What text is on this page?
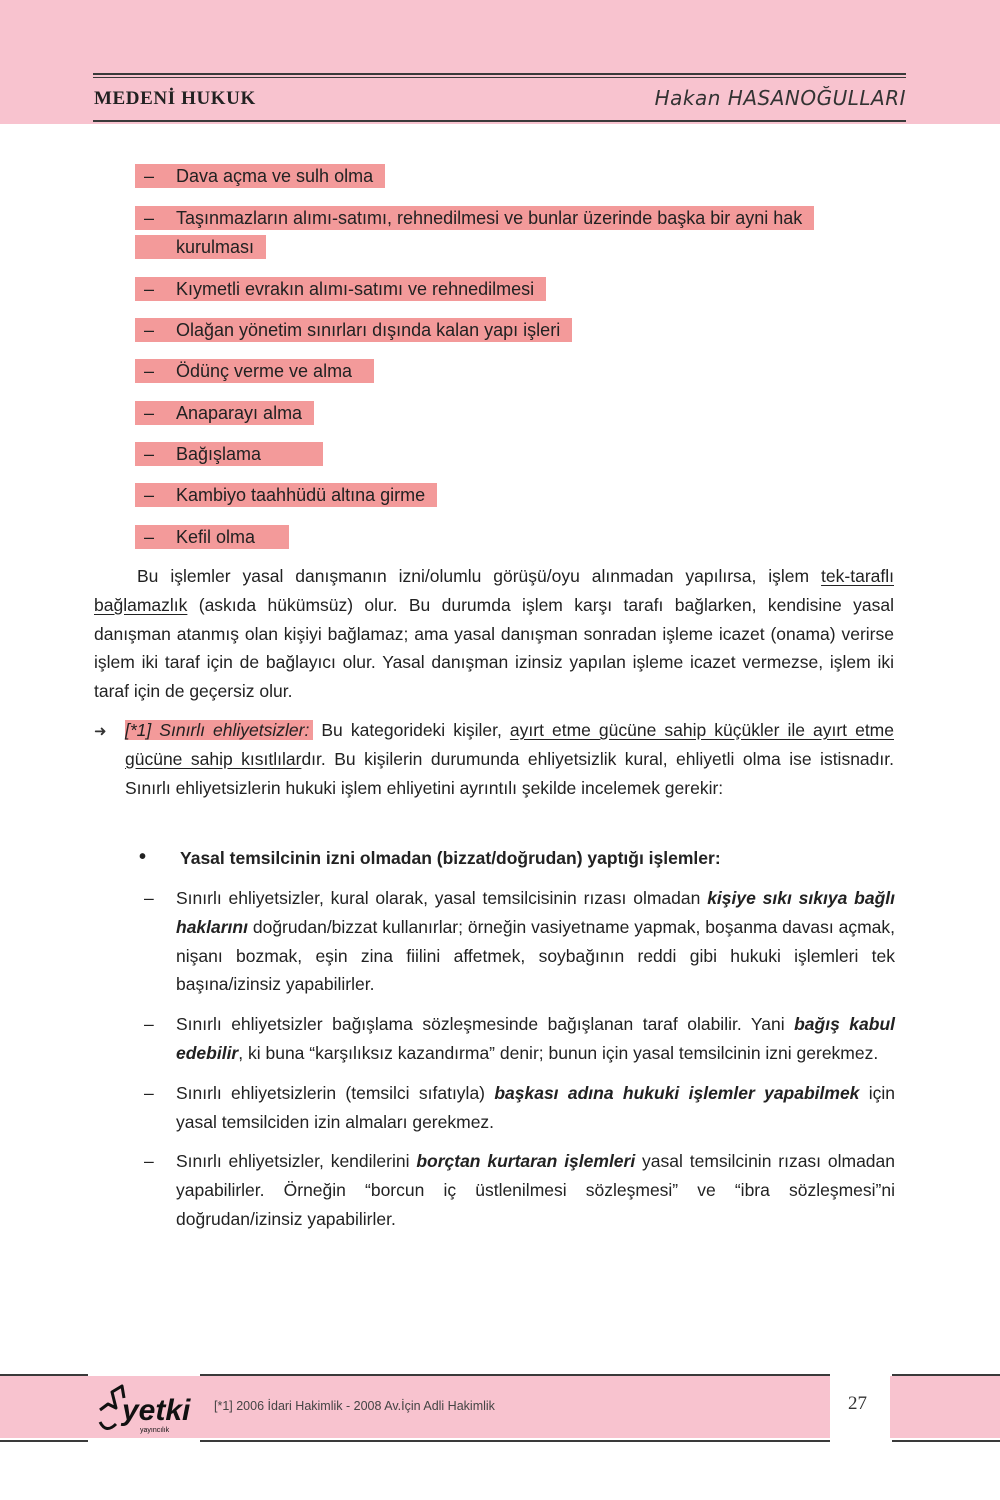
MEDENİ HUKUK	Hakan HASANOĞULLARI
– Dava açma ve sulh olma
– Taşınmazların alımı-satımı, rehnedilmesi ve bunlar üzerinde başka bir ayni hak
kurulması
– Kıymetli evrakın alımı-satımı ve rehnedilmesi
– Olağan yönetim sınırları dışında kalan yapı işleri
– Ödünç verme ve alma
– Anaparayı alma
– Bağışlama
– Kambiyo taahhüdü altına girme
– Kefil olma
Bu işlemler yasal danışmanın izni/olumlu görüşü/oyu alınmadan yapılırsa, işlem tek-taraflı bağlamazlık (askıda hükümsüz) olur. Bu durumda işlem karşı tarafı bağlarken, kendisine yasal danışman atanmış olan kişiyi bağlamaz; ama yasal danışman sonradan işleme icazet (onama) verirse işlem iki taraf için de bağlayıcı olur. Yasal danışman izinsiz yapılan işleme icazet vermezse, işlem iki taraf için de geçersiz olur.
➜ [*1] Sınırlı ehliyetsizler: Bu kategorideki kişiler, ayırt etme gücüne sahip küçükler ile ayırt etme gücüne sahip kısıtlılardır. Bu kişilerin durumunda ehliyetsizlik kural, ehliyetli olma ise istisnadır. Sınırlı ehliyetsizlerin hukuki işlem ehliyetini ayrıntılı şekilde incelemek gerekir:
• Yasal temsilcinin izni olmadan (bizzat/doğrudan) yaptığı işlemler:
– Sınırlı ehliyetsizler, kural olarak, yasal temsilcisinin rızası olmadan kişiye sıkı sıkıya bağlı haklarını doğrudan/bizzat kullanırlar; örneğin vasiyetname yapmak, boşanma davası açmak, nişanı bozmak, eşin zina fiilini affetmek, soybağının reddi gibi hukuki işlemleri tek başına/izinsiz yapabilirler.
– Sınırlı ehliyetsizler bağışlama sözleşmesinde bağışlanan taraf olabilir. Yani bağış kabul edebilir, ki buna “karşılıksız kazandırma” denir; bunun için yasal temsilcinin izni gerekmez.
– Sınırlı ehliyetsizlerin (temsilci sıfatıyla) başkası adına hukuki işlemler yapabilmek için yasal temsilciden izin almaları gerekmez.
– Sınırlı ehliyetsizler, kendilerini borçtan kurtaran işlemleri yasal temsilcinin rızası olmadan yapabilirler. Örneğin “borcun iç üstlenilmesi sözleşmesi” ve “ibra sözleşmesi”ni doğrudan/izinsiz yapabilirler.
yetki
yayıncılık
[*1] 2006 İdari Hakimlik - 2008 Av.İçin Adli Hakimlik	27
